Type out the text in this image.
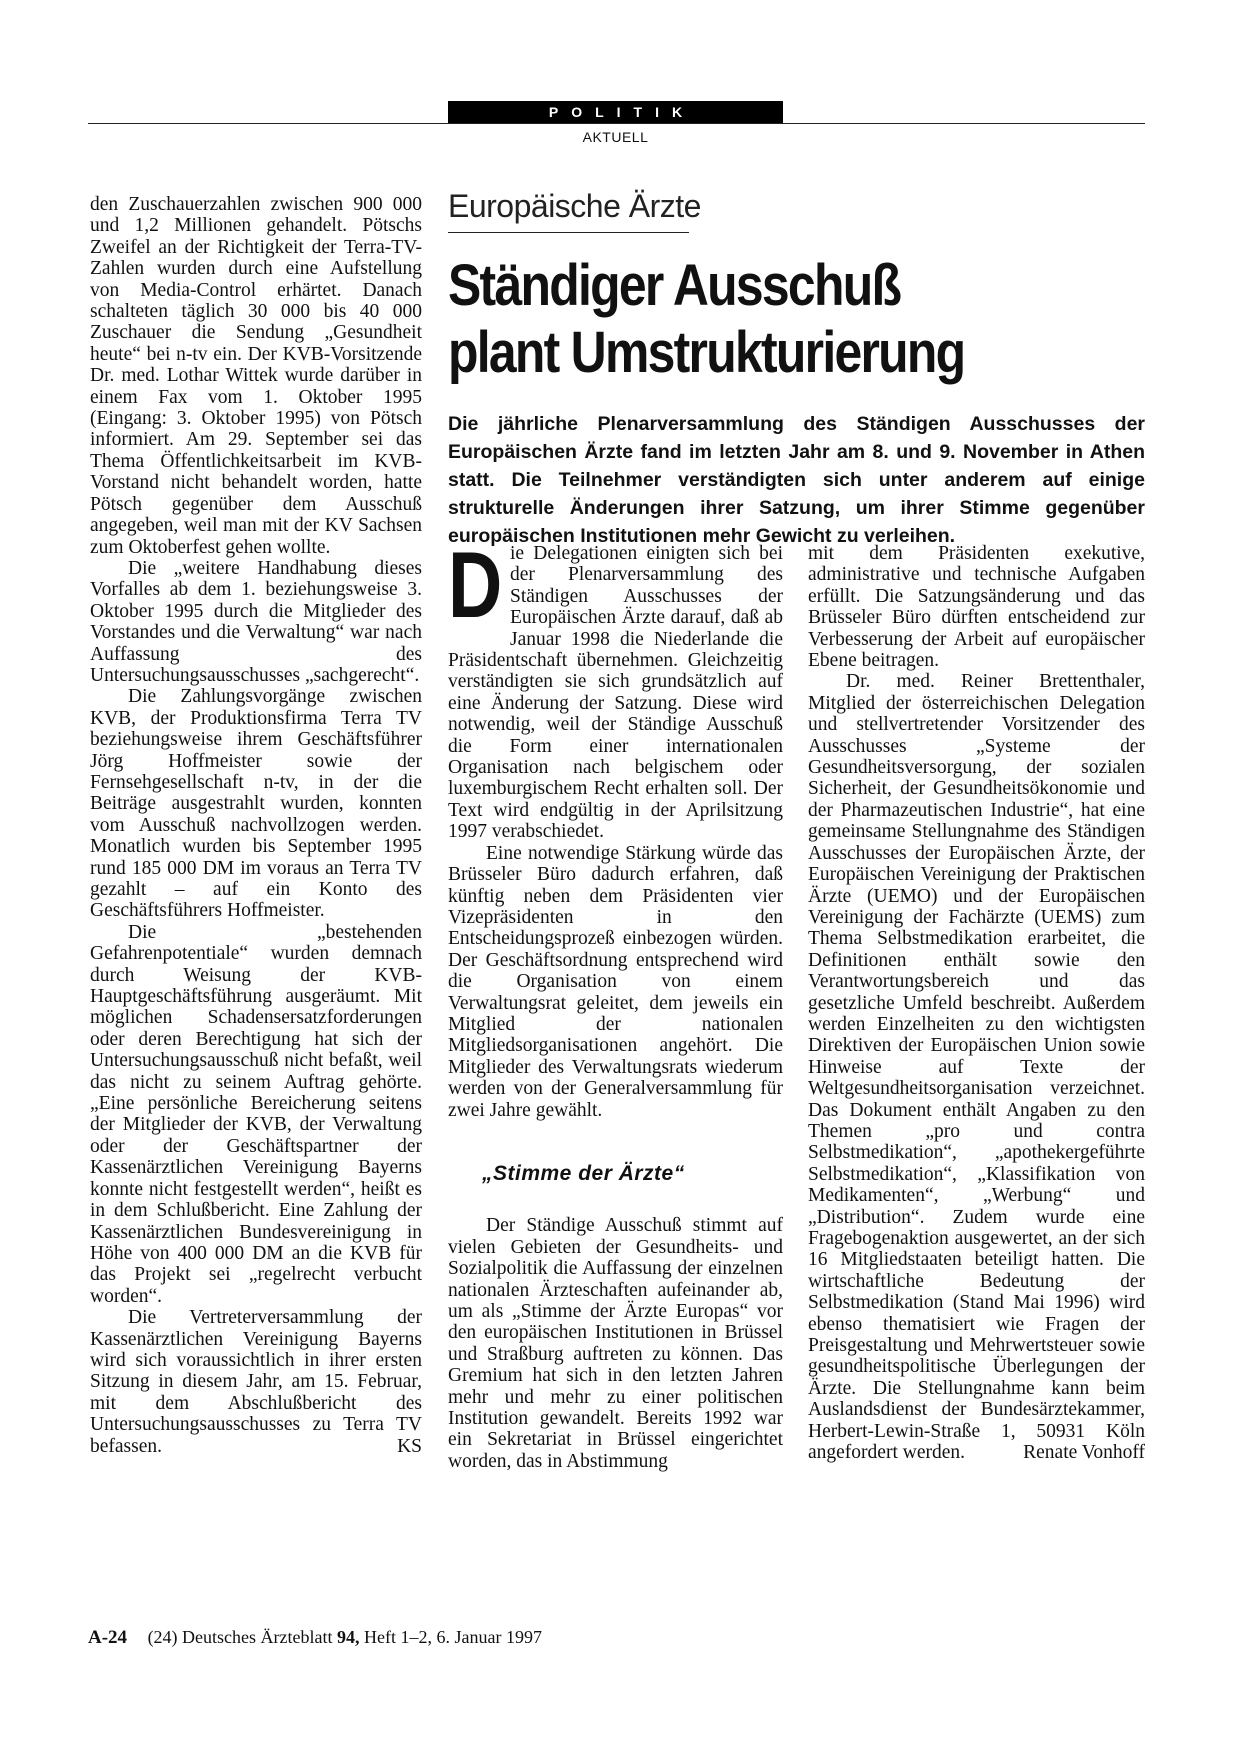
POLITIK
AKTUELL

den Zuschauerzahlen zwischen 900 000 und 1,2 Millionen gehandelt. Pötschs Zweifel an der Richtigkeit der Terra-TV-Zahlen wurden durch eine Aufstellung von Media-Control erhärtet. Danach schalteten täglich 30 000 bis 40 000 Zuschauer die Sendung „Gesundheit heute“ bei n-tv ein. Der KVB-Vorsitzende Dr. med. Lothar Wittek wurde darüber in einem Fax vom 1. Oktober 1995 (Eingang: 3. Oktober 1995) von Pötsch informiert. Am 29. September sei das Thema Öffentlichkeitsarbeit im KVB-Vorstand nicht behandelt worden, hatte Pötsch gegenüber dem Ausschuß angegeben, weil man mit der KV Sachsen zum Oktoberfest gehen wollte.

Die „weitere Handhabung dieses Vorfalles ab dem 1. beziehungsweise 3. Oktober 1995 durch die Mitglieder des Vorstandes und die Verwaltung“ war nach Auffassung des Untersuchungsausschusses „sachgerecht“.

Die Zahlungsvorgänge zwischen KVB, der Produktionsfirma Terra TV beziehungsweise ihrem Geschäftsführer Jörg Hoffmeister sowie der Fernsehgesellschaft n-tv, in der die Beiträge ausgestrahlt wurden, konnten vom Ausschuß nachvollzogen werden. Monatlich wurden bis September 1995 rund 185 000 DM im voraus an Terra TV gezahlt – auf ein Konto des Geschäftsführers Hoffmeister.

Die „bestehenden Gefahrenpotentiale“ wurden demnach durch Weisung der KVB-Hauptgeschäftsführung ausgeräumt. Mit möglichen Schadensersatzforderungen oder deren Berechtigung hat sich der Untersuchungsausschuß nicht befaßt, weil das nicht zu seinem Auftrag gehörte. „Eine persönliche Bereicherung seitens der Mitglieder der KVB, der Verwaltung oder der Geschäftspartner der Kassenärztlichen Vereinigung Bayerns konnte nicht festgestellt werden“, heißt es in dem Schlußbericht. Eine Zahlung der Kassenärztlichen Bundesvereinigung in Höhe von 400 000 DM an die KVB für das Projekt sei „regelrecht verbucht worden“.

Die Vertreterversammlung der Kassenärztlichen Vereinigung Bayerns wird sich voraussichtlich in ihrer ersten Sitzung in diesem Jahr, am 15. Februar, mit dem Abschlußbericht des Untersuchungsausschusses zu Terra TV befassen.	KS

Europäische Ärzte
Ständiger Ausschuß
plant Umstrukturierung
Die jährliche Plenarversammlung des Ständigen Ausschusses der Europäischen Ärzte fand im letzten Jahr am 8. und 9. November in Athen statt. Die Teilnehmer verständigten sich unter anderem auf einige strukturelle Änderungen ihrer Satzung, um ihrer Stimme gegenüber europäischen Institutionen mehr Gewicht zu verleihen.

Die Delegationen einigten sich bei der Plenarversammlung des Ständigen Ausschusses der Europäischen Ärzte darauf, daß ab Januar 1998 die Niederlande die Präsidentschaft übernehmen. Gleichzeitig verständigten sie sich grundsätzlich auf eine Änderung der Satzung. Diese wird notwendig, weil der Ständige Ausschuß die Form einer internationalen Organisation nach belgischem oder luxemburgischem Recht erhalten soll. Der Text wird endgültig in der Aprilsitzung 1997 verabschiedet.

Eine notwendige Stärkung würde das Brüsseler Büro dadurch erfahren, daß künftig neben dem Präsidenten vier Vizepräsidenten in den Entscheidungsprozeß einbezogen würden. Der Geschäftsordnung entsprechend wird die Organisation von einem Verwaltungsrat geleitet, dem jeweils ein Mitglied der nationalen Mitgliedsorganisationen angehört. Die Mitglieder des Verwaltungsrats wiederum werden von der Generalversammlung für zwei Jahre gewählt.

„Stimme der Ärzte“

Der Ständige Ausschuß stimmt auf vielen Gebieten der Gesundheits- und Sozialpolitik die Auffassung der einzelnen nationalen Ärzteschaften aufeinander ab, um als „Stimme der Ärzte Europas“ vor den europäischen Institutionen in Brüssel und Straßburg auftreten zu können. Das Gremium hat sich in den letzten Jahren mehr und mehr zu einer politischen Institution gewandelt. Bereits 1992 war ein Sekretariat in Brüssel eingerichtet worden, das in Abstimmung

mit dem Präsidenten exekutive, administrative und technische Aufgaben erfüllt. Die Satzungsänderung und das Brüsseler Büro dürften entscheidend zur Verbesserung der Arbeit auf europäischer Ebene beitragen.

Dr. med. Reiner Brettenthaler, Mitglied der österreichischen Delegation und stellvertretender Vorsitzender des Ausschusses „Systeme der Gesundheitsversorgung, der sozialen Sicherheit, der Gesundheitsökonomie und der Pharmazeutischen Industrie“, hat eine gemeinsame Stellungnahme des Ständigen Ausschusses der Europäischen Ärzte, der Europäischen Vereinigung der Praktischen Ärzte (UEMO) und der Europäischen Vereinigung der Fachärzte (UEMS) zum Thema Selbstmedikation erarbeitet, die Definitionen enthält sowie den Verantwortungsbereich und das gesetzliche Umfeld beschreibt. Außerdem werden Einzelheiten zu den wichtigsten Direktiven der Europäischen Union sowie Hinweise auf Texte der Weltgesundheitsorganisation verzeichnet. Das Dokument enthält Angaben zu den Themen „pro und contra Selbstmedikation“, „apothekergeführte Selbstmedikation“, „Klassifikation von Medikamenten“, „Werbung“ und „Distribution“. Zudem wurde eine Fragebogenaktion ausgewertet, an der sich 16 Mitgliedstaaten beteiligt hatten. Die wirtschaftliche Bedeutung der Selbstmedikation (Stand Mai 1996) wird ebenso thematisiert wie Fragen der Preisgestaltung und Mehrwertsteuer sowie gesundheitspolitische Überlegungen der Ärzte. Die Stellungnahme kann beim Auslandsdienst der Bundesärztekammer, Herbert-Lewin-Straße 1, 50931 Köln angefordert werden.	Renate Vonhoff

A-24 (24) Deutsches Ärzteblatt 94, Heft 1–2, 6. Januar 1997
